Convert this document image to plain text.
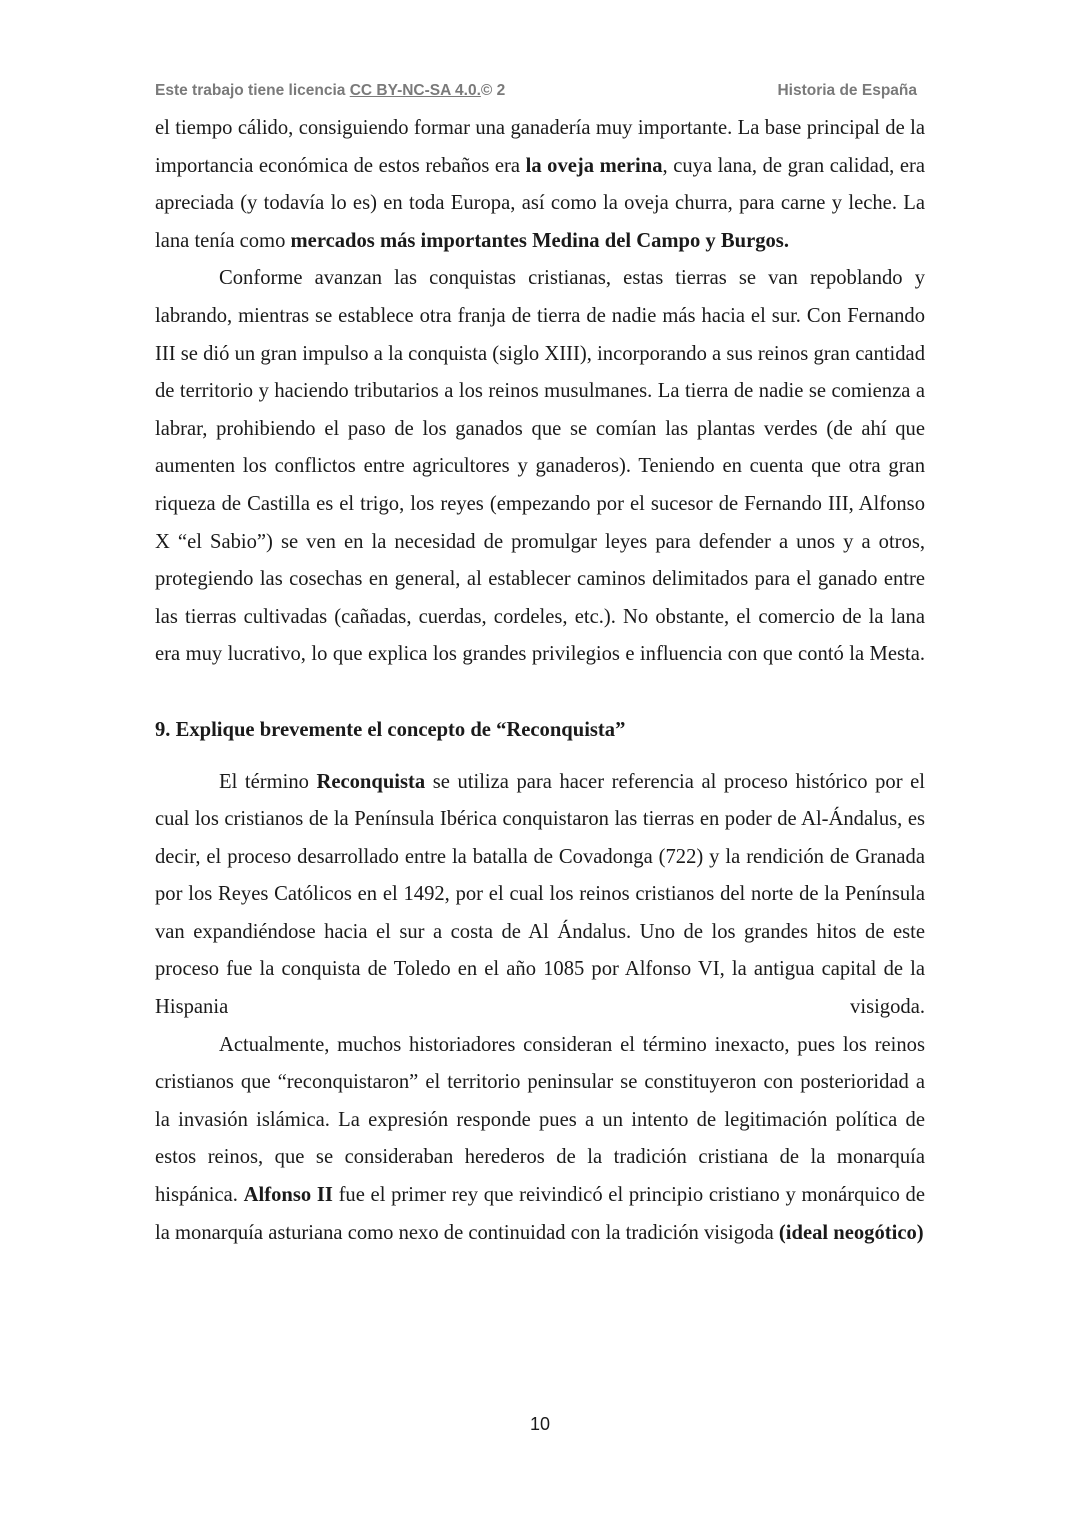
Este trabajo tiene licencia CC BY-NC-SA 4.0.© 2	Historia de España

el tiempo cálido, consiguiendo formar una ganadería muy importante. La base principal de la importancia económica de estos rebaños era la oveja merina, cuya lana, de gran calidad, era apreciada (y todavía lo es) en toda Europa, así como la oveja churra, para carne y leche. La lana tenía como mercados más importantes Medina del Campo y Burgos.

Conforme avanzan las conquistas cristianas, estas tierras se van repoblando y labrando, mientras se establece otra franja de tierra de nadie más hacia el sur. Con Fernando III se dió un gran impulso a la conquista (siglo XIII), incorporando a sus reinos gran cantidad de territorio y haciendo tributarios a los reinos musulmanes. La tierra de nadie se comienza a labrar, prohibiendo el paso de los ganados que se comían las plantas verdes (de ahí que aumenten los conflictos entre agricultores y ganaderos). Teniendo en cuenta que otra gran riqueza de Castilla es el trigo, los reyes (empezando por el sucesor de Fernando III, Alfonso X “el Sabio”) se ven en la necesidad de promulgar leyes para defender a unos y a otros, protegiendo las cosechas en general, al establecer caminos delimitados para el ganado entre las tierras cultivadas (cañadas, cuerdas, cordeles, etc.). No obstante, el comercio de la lana era muy lucrativo, lo que explica los grandes privilegios e influencia con que contó la Mesta.

9. Explique brevemente el concepto de “Reconquista”

El término Reconquista se utiliza para hacer referencia al proceso histórico por el cual los cristianos de la Península Ibérica conquistaron las tierras en poder de Al-Ándalus, es decir, el proceso desarrollado entre la batalla de Covadonga (722) y la rendición de Granada por los Reyes Católicos en el 1492, por el cual los reinos cristianos del norte de la Península van expandiéndose hacia el sur a costa de Al Ándalus. Uno de los grandes hitos de este proceso fue la conquista de Toledo en el año 1085 por Alfonso VI, la antigua capital de la Hispania visigoda.

Actualmente, muchos historiadores consideran el término inexacto, pues los reinos cristianos que “reconquistaron” el territorio peninsular se constituyeron con posterioridad a la invasión islámica. La expresión responde pues a un intento de legitimación política de estos reinos, que se consideraban herederos de la tradición cristiana de la monarquía hispánica. Alfonso II fue el primer rey que reivindicó el principio cristiano y monárquico de la monarquía asturiana como nexo de continuidad con la tradición visigoda (ideal neogótico)

10
